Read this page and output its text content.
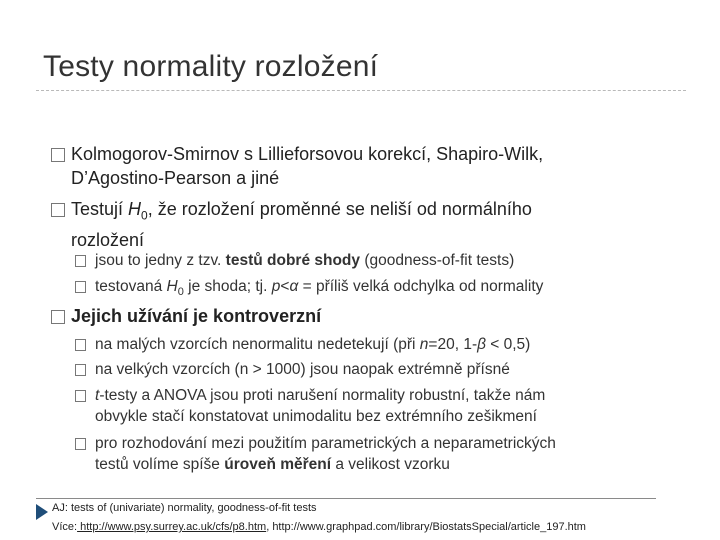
Testy normality rozložení
Kolmogorov-Smirnov s Lillieforsovou korekcí, Shapiro-Wilk,
D’Agostino-Pearson a jiné
Testují $H_0$, že rozložení proměnné se neliší od normálního
rozložení
jsou to jedny z tzv. testů dobré shody (goodness-of-fit tests)
testovaná $H_0$ je shoda; tj. p<α = příliš velká odchylka od normality
Jejich užívání je kontroverzní
na malých vzorcích nenormalitu nedetekují (při n=20, 1-β < 0,5)
na velkých vzorcích (n > 1000) jsou naopak extrémně přísné
t-testy a ANOVA jsou proti narušení normality robustní, takže nám
obvykle stačí konstatovat unimodalitu bez extrémního zešikmení
pro rozhodování mezi použitím parametrických a neparametrických
testů volíme spíše úroveň měření a velikost vzorku
AJ: tests of (univariate) normality, goodness-of-fit tests
Více: http://www.psy.surrey.ac.uk/cfs/p8.htm, http://www.graphpad.com/library/BiostatsSpecial/article_197.htm
